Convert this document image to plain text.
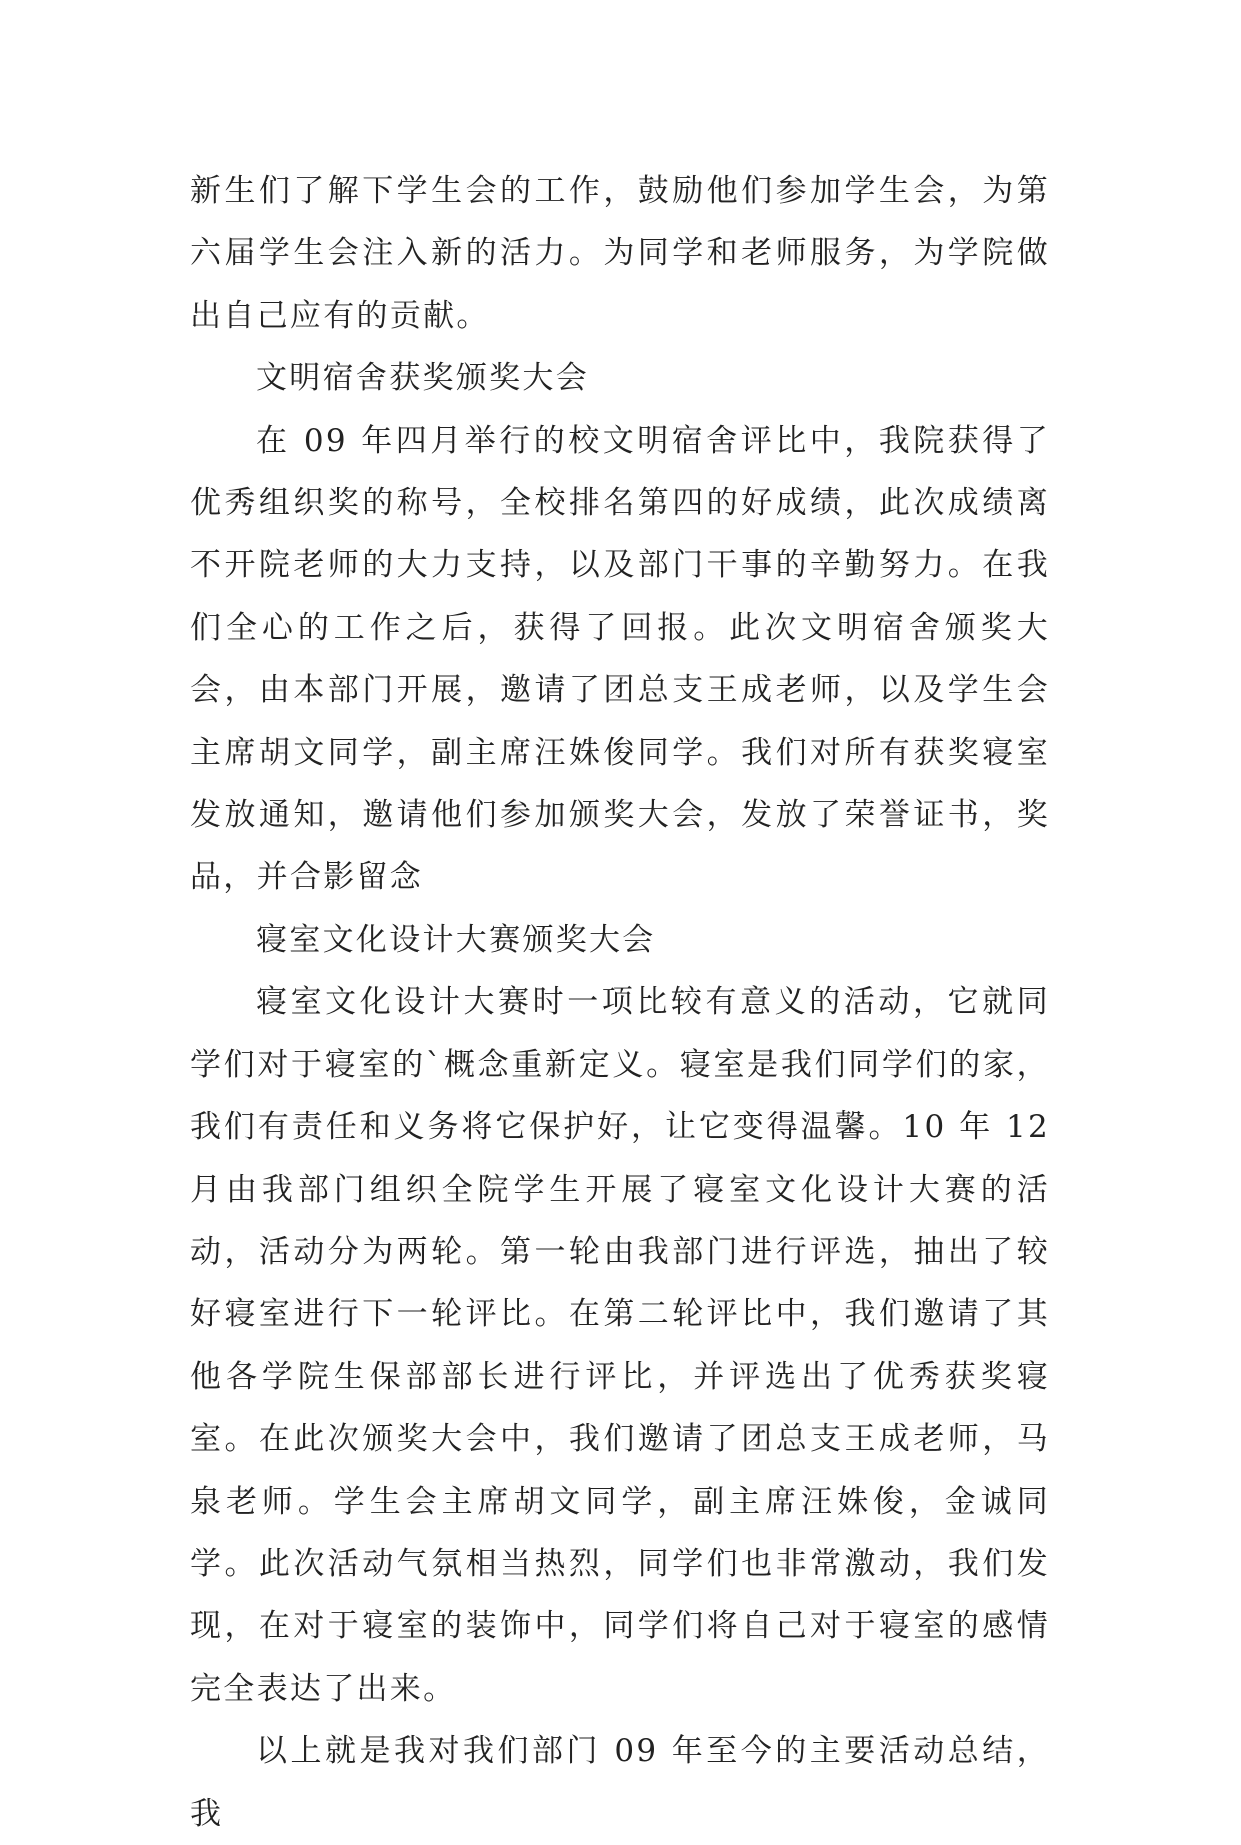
新生们了解下学生会的工作，鼓励他们参加学生会，为第六届学生会注入新的活力。为同学和老师服务，为学院做出自己应有的贡献。

文明宿舍获奖颁奖大会

在 09 年四月举行的校文明宿舍评比中，我院获得了优秀组织奖的称号，全校排名第四的好成绩，此次成绩离不开院老师的大力支持，以及部门干事的辛勤努力。在我们全心的工作之后，获得了回报。此次文明宿舍颁奖大会，由本部门开展，邀请了团总支王成老师，以及学生会主席胡文同学，副主席汪姝俊同学。我们对所有获奖寝室发放通知，邀请他们参加颁奖大会，发放了荣誉证书，奖品，并合影留念

寝室文化设计大赛颁奖大会

寝室文化设计大赛时一项比较有意义的活动，它就同学们对于寝室的`概念重新定义。寝室是我们同学们的家，我们有责任和义务将它保护好，让它变得温馨。10 年 12 月由我部门组织全院学生开展了寝室文化设计大赛的活动，活动分为两轮。第一轮由我部门进行评选，抽出了较好寝室进行下一轮评比。在第二轮评比中，我们邀请了其他各学院生保部部长进行评比，并评选出了优秀获奖寝室。在此次颁奖大会中，我们邀请了团总支王成老师，马泉老师。学生会主席胡文同学，副主席汪姝俊，金诚同学。此次活动气氛相当热烈，同学们也非常激动，我们发现，在对于寝室的装饰中，同学们将自己对于寝室的感情完全表达了出来。

以上就是我对我们部门 09 年至今的主要活动总结，我
